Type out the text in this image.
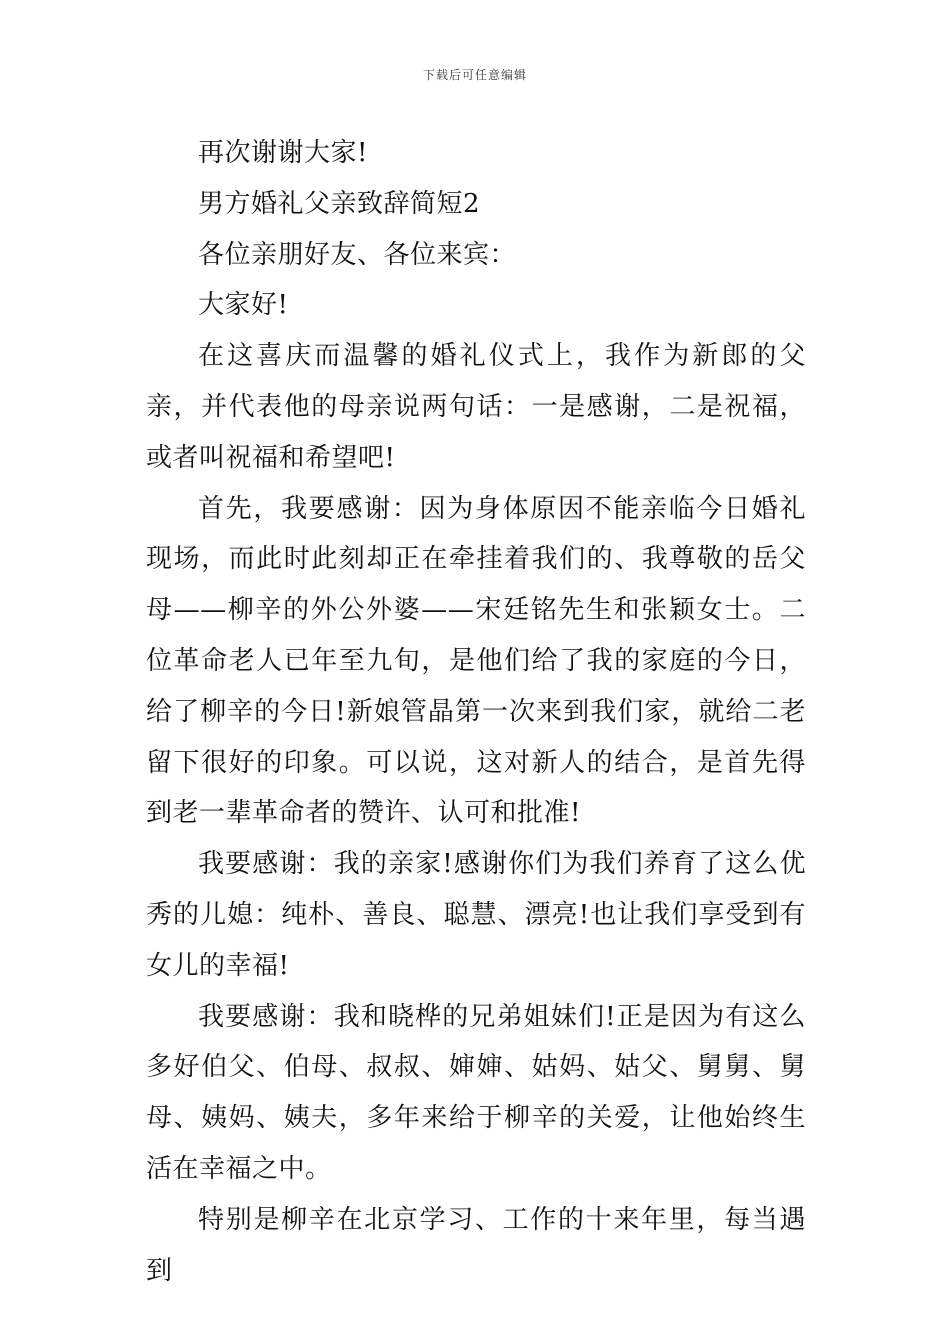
下载后可任意编辑

再次谢谢大家!

男方婚礼父亲致辞简短2

各位亲朋好友、各位来宾：

大家好!

在这喜庆而温馨的婚礼仪式上，我作为新郎的父亲，并代表他的母亲说两句话：一是感谢，二是祝福，或者叫祝福和希望吧!

首先，我要感谢：因为身体原因不能亲临今日婚礼现场，而此时此刻却正在牵挂着我们的、我尊敬的岳父母——柳辛的外公外婆——宋廷铭先生和张颖女士。二位革命老人已年至九旬，是他们给了我的家庭的今日，给了柳辛的今日!新娘管晶第一次来到我们家，就给二老留下很好的印象。可以说，这对新人的结合，是首先得到老一辈革命者的赞许、认可和批准!

我要感谢：我的亲家!感谢你们为我们养育了这么优秀的儿媳：纯朴、善良、聪慧、漂亮!也让我们享受到有女儿的幸福!

我要感谢：我和晓桦的兄弟姐妹们!正是因为有这么多好伯父、伯母、叔叔、婶婶、姑妈、姑父、舅舅、舅母、姨妈、姨夫，多年来给于柳辛的关爱，让他始终生活在幸福之中。

特别是柳辛在北京学习、工作的十来年里，每当遇到
